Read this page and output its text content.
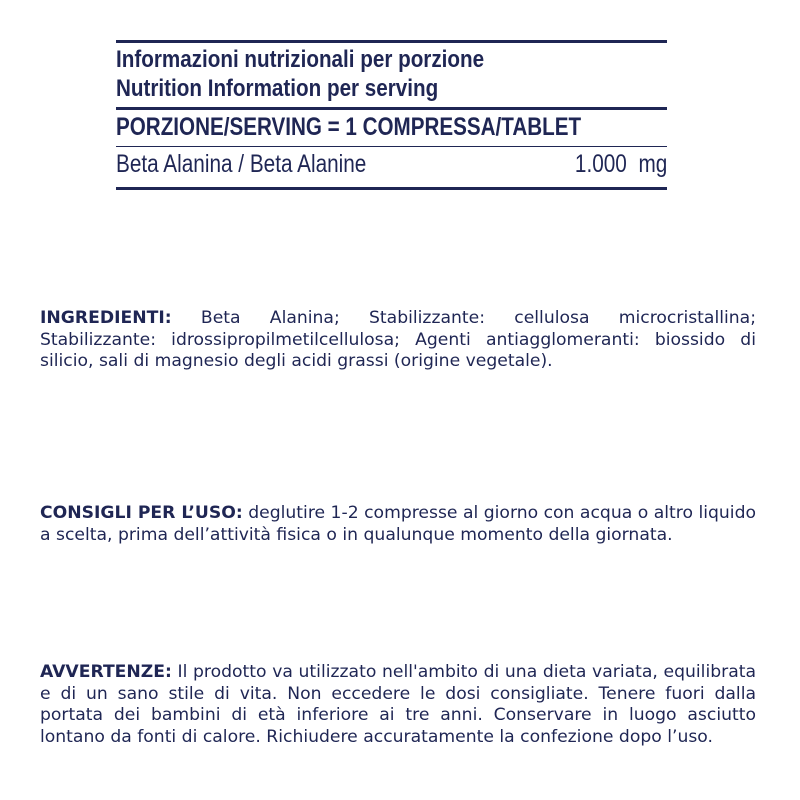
Informazioni nutrizionali per porzione
Nutrition Information per serving
PORZIONE/SERVING = 1 COMPRESSA/TABLET
Beta Alanina / Beta Alanine	1.000 mg

INGREDIENTI: Beta Alanina; Stabilizzante: cellulosa microcristallina; Stabilizzante: idrossipropilmetilcellulosa; Agenti antiagglomeranti: biossido di silicio, sali di magnesio degli acidi grassi (origine vegetale).

CONSIGLI PER L’USO: deglutire 1-2 compresse al giorno con acqua o altro liquido a scelta, prima dell’attività fisica o in qualunque momento della giornata.

AVVERTENZE: Il prodotto va utilizzato nell'ambito di una dieta variata, equilibrata e di un sano stile di vita. Non eccedere le dosi consigliate. Tenere fuori dalla portata dei bambini di età inferiore ai tre anni. Conservare in luogo asciutto lontano da fonti di calore. Richiudere accuratamente la confezione dopo l’uso.
